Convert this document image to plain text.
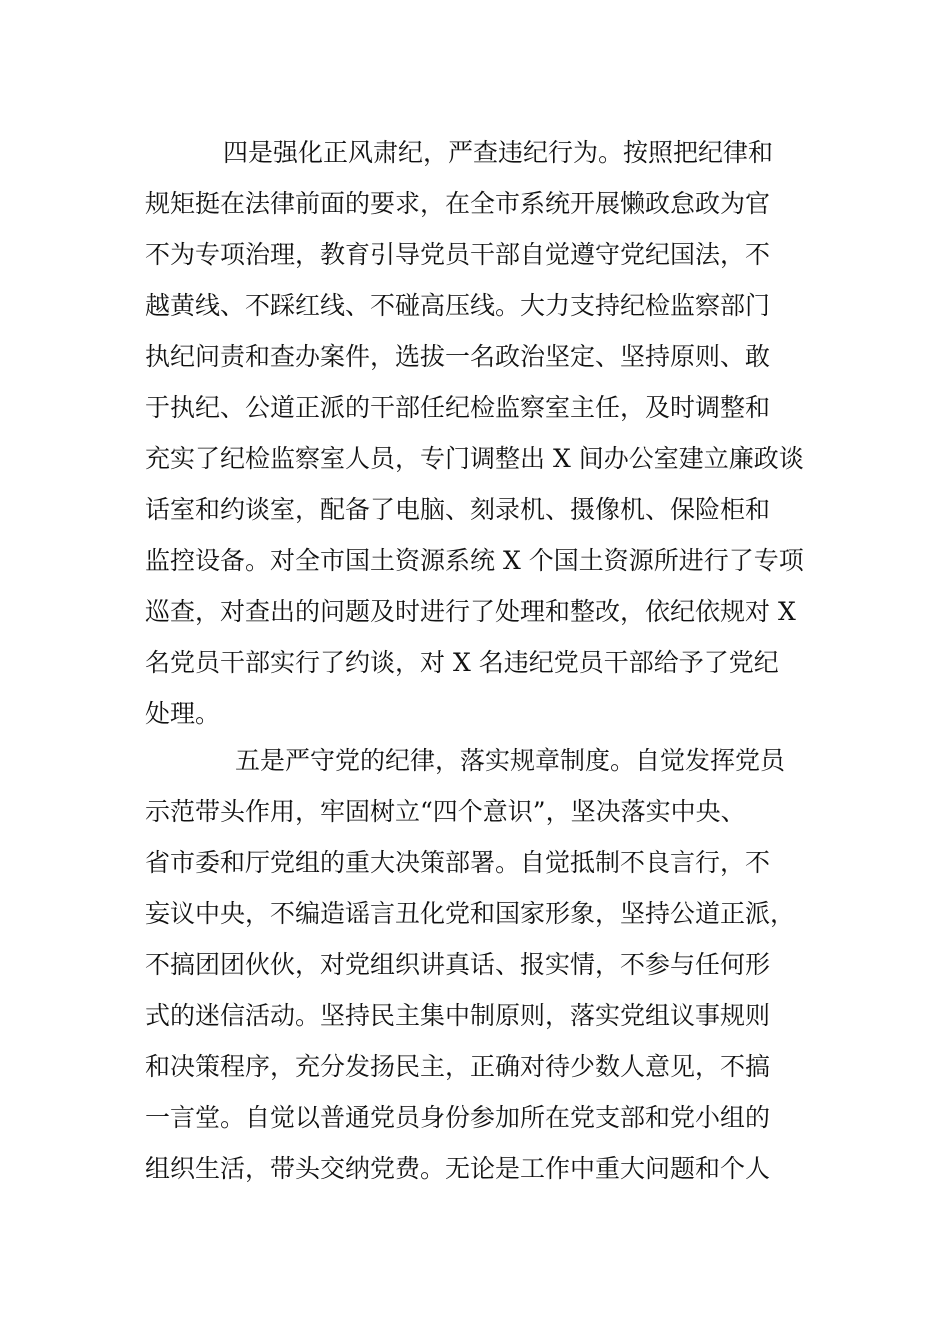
四是强化正风肃纪，严查违纪行为。按照把纪律和
规矩挺在法律前面的要求，在全市系统开展懒政怠政为官
不为专项治理，教育引导党员干部自觉遵守党纪国法，不
越黄线、不踩红线、不碰高压线。大力支持纪检监察部门
执纪问责和查办案件，选拔一名政治坚定、坚持原则、敢
于执纪、公道正派的干部任纪检监察室主任，及时调整和
充实了纪检监察室人员，专门调整出 X 间办公室建立廉政谈
话室和约谈室，配备了电脑、刻录机、摄像机、保险柜和
监控设备。对全市国土资源系统 X 个国土资源所进行了专项
巡查，对查出的问题及时进行了处理和整改，依纪依规对 X
名党员干部实行了约谈，对 X 名违纪党员干部给予了党纪
处理。
五是严守党的纪律，落实规章制度。自觉发挥党员
示范带头作用，牢固树立“四个意识”，坚决落实中央、
省市委和厅党组的重大决策部署。自觉抵制不良言行，不
妄议中央，不编造谣言丑化党和国家形象，坚持公道正派，
不搞团团伙伙，对党组织讲真话、报实情，不参与任何形
式的迷信活动。坚持民主集中制原则，落实党组议事规则
和决策程序，充分发扬民主，正确对待少数人意见，不搞
一言堂。自觉以普通党员身份参加所在党支部和党小组的
组织生活，带头交纳党费。无论是工作中重大问题和个人
